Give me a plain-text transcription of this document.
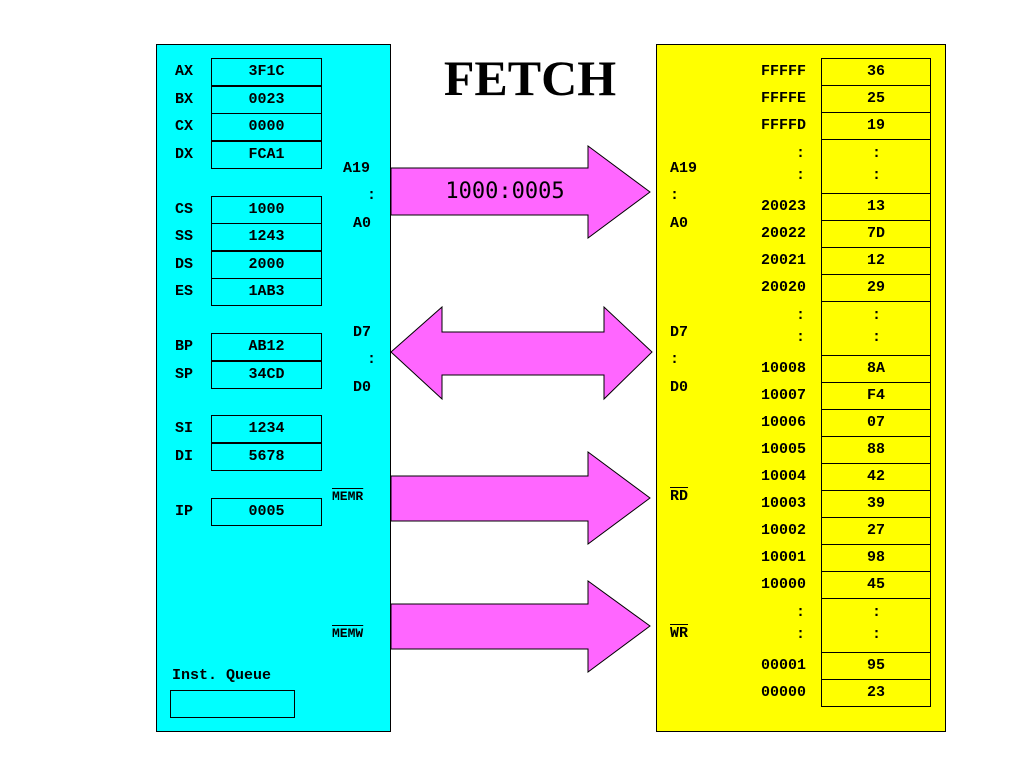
FETCH
1000:0005
AX	3F1C
BX	0023
CX	0000
DX	FCA1
CS	1000
SS	1243
DS	2000
ES	1AB3
BP	AB12
SP	34CD
SI	1234
DI	5678
IP	0005
A19
:
A0
D7
:
D0
MEMR
MEMW
Inst. Queue
A19
:
A0
D7
:
D0
$\overline{RD}$
$\overline{WR}$
FFFFF	36
FFFFE	25
FFFFD	19
:	:
:	:
20023	13
20022	7D
20021	12
20020	29
:	:
:	:
10008	8A
10007	F4
10006	07
10005	88
10004	42
10003	39
10002	27
10001	98
10000	45
:	:
:	:
00001	95
00000	23
